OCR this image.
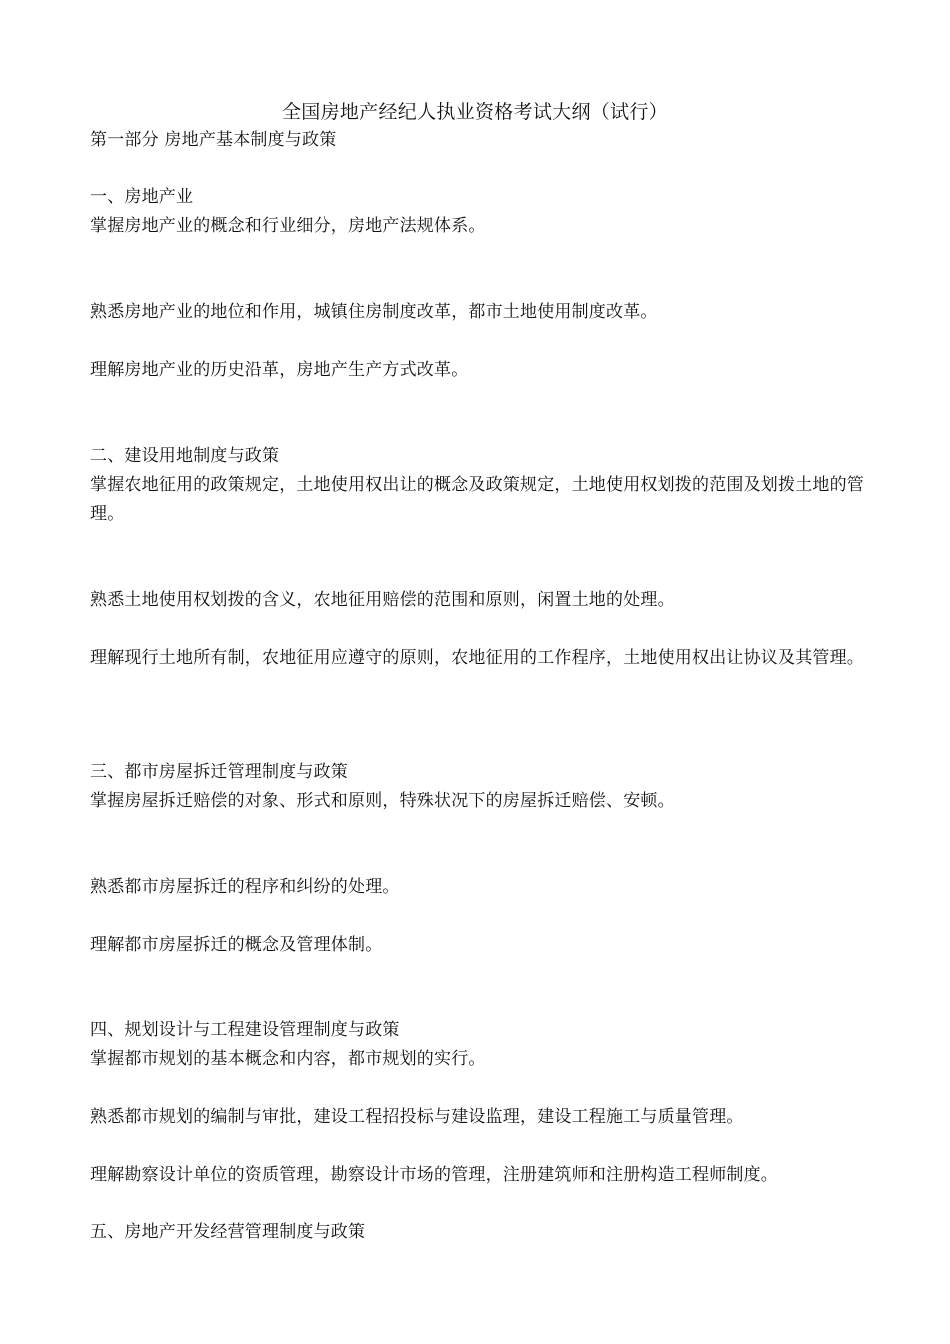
全国房地产经纪人执业资格考试大纲（试行）
第一部分 房地产基本制度与政策
一、房地产业
掌握房地产业的概念和行业细分，房地产法规体系。
熟悉房地产业的地位和作用，城镇住房制度改革，都市土地使用制度改革。
理解房地产业的历史沿革，房地产生产方式改革。
二、建设用地制度与政策
掌握农地征用的政策规定，土地使用权出让的概念及政策规定，土地使用权划拨的范围及划拨土地的管理。
熟悉土地使用权划拨的含义，农地征用赔偿的范围和原则，闲置土地的处理。
理解现行土地所有制，农地征用应遵守的原则，农地征用的工作程序，土地使用权出让协议及其管理。
三、都市房屋拆迁管理制度与政策
掌握房屋拆迁赔偿的对象、形式和原则，特殊状况下的房屋拆迁赔偿、安顿。
熟悉都市房屋拆迁的程序和纠纷的处理。
理解都市房屋拆迁的概念及管理体制。
四、规划设计与工程建设管理制度与政策
掌握都市规划的基本概念和内容，都市规划的实行。
熟悉都市规划的编制与审批，建设工程招投标与建设监理，建设工程施工与质量管理。
理解勘察设计单位的资质管理，勘察设计市场的管理，注册建筑师和注册构造工程师制度。
五、房地产开发经营管理制度与政策
